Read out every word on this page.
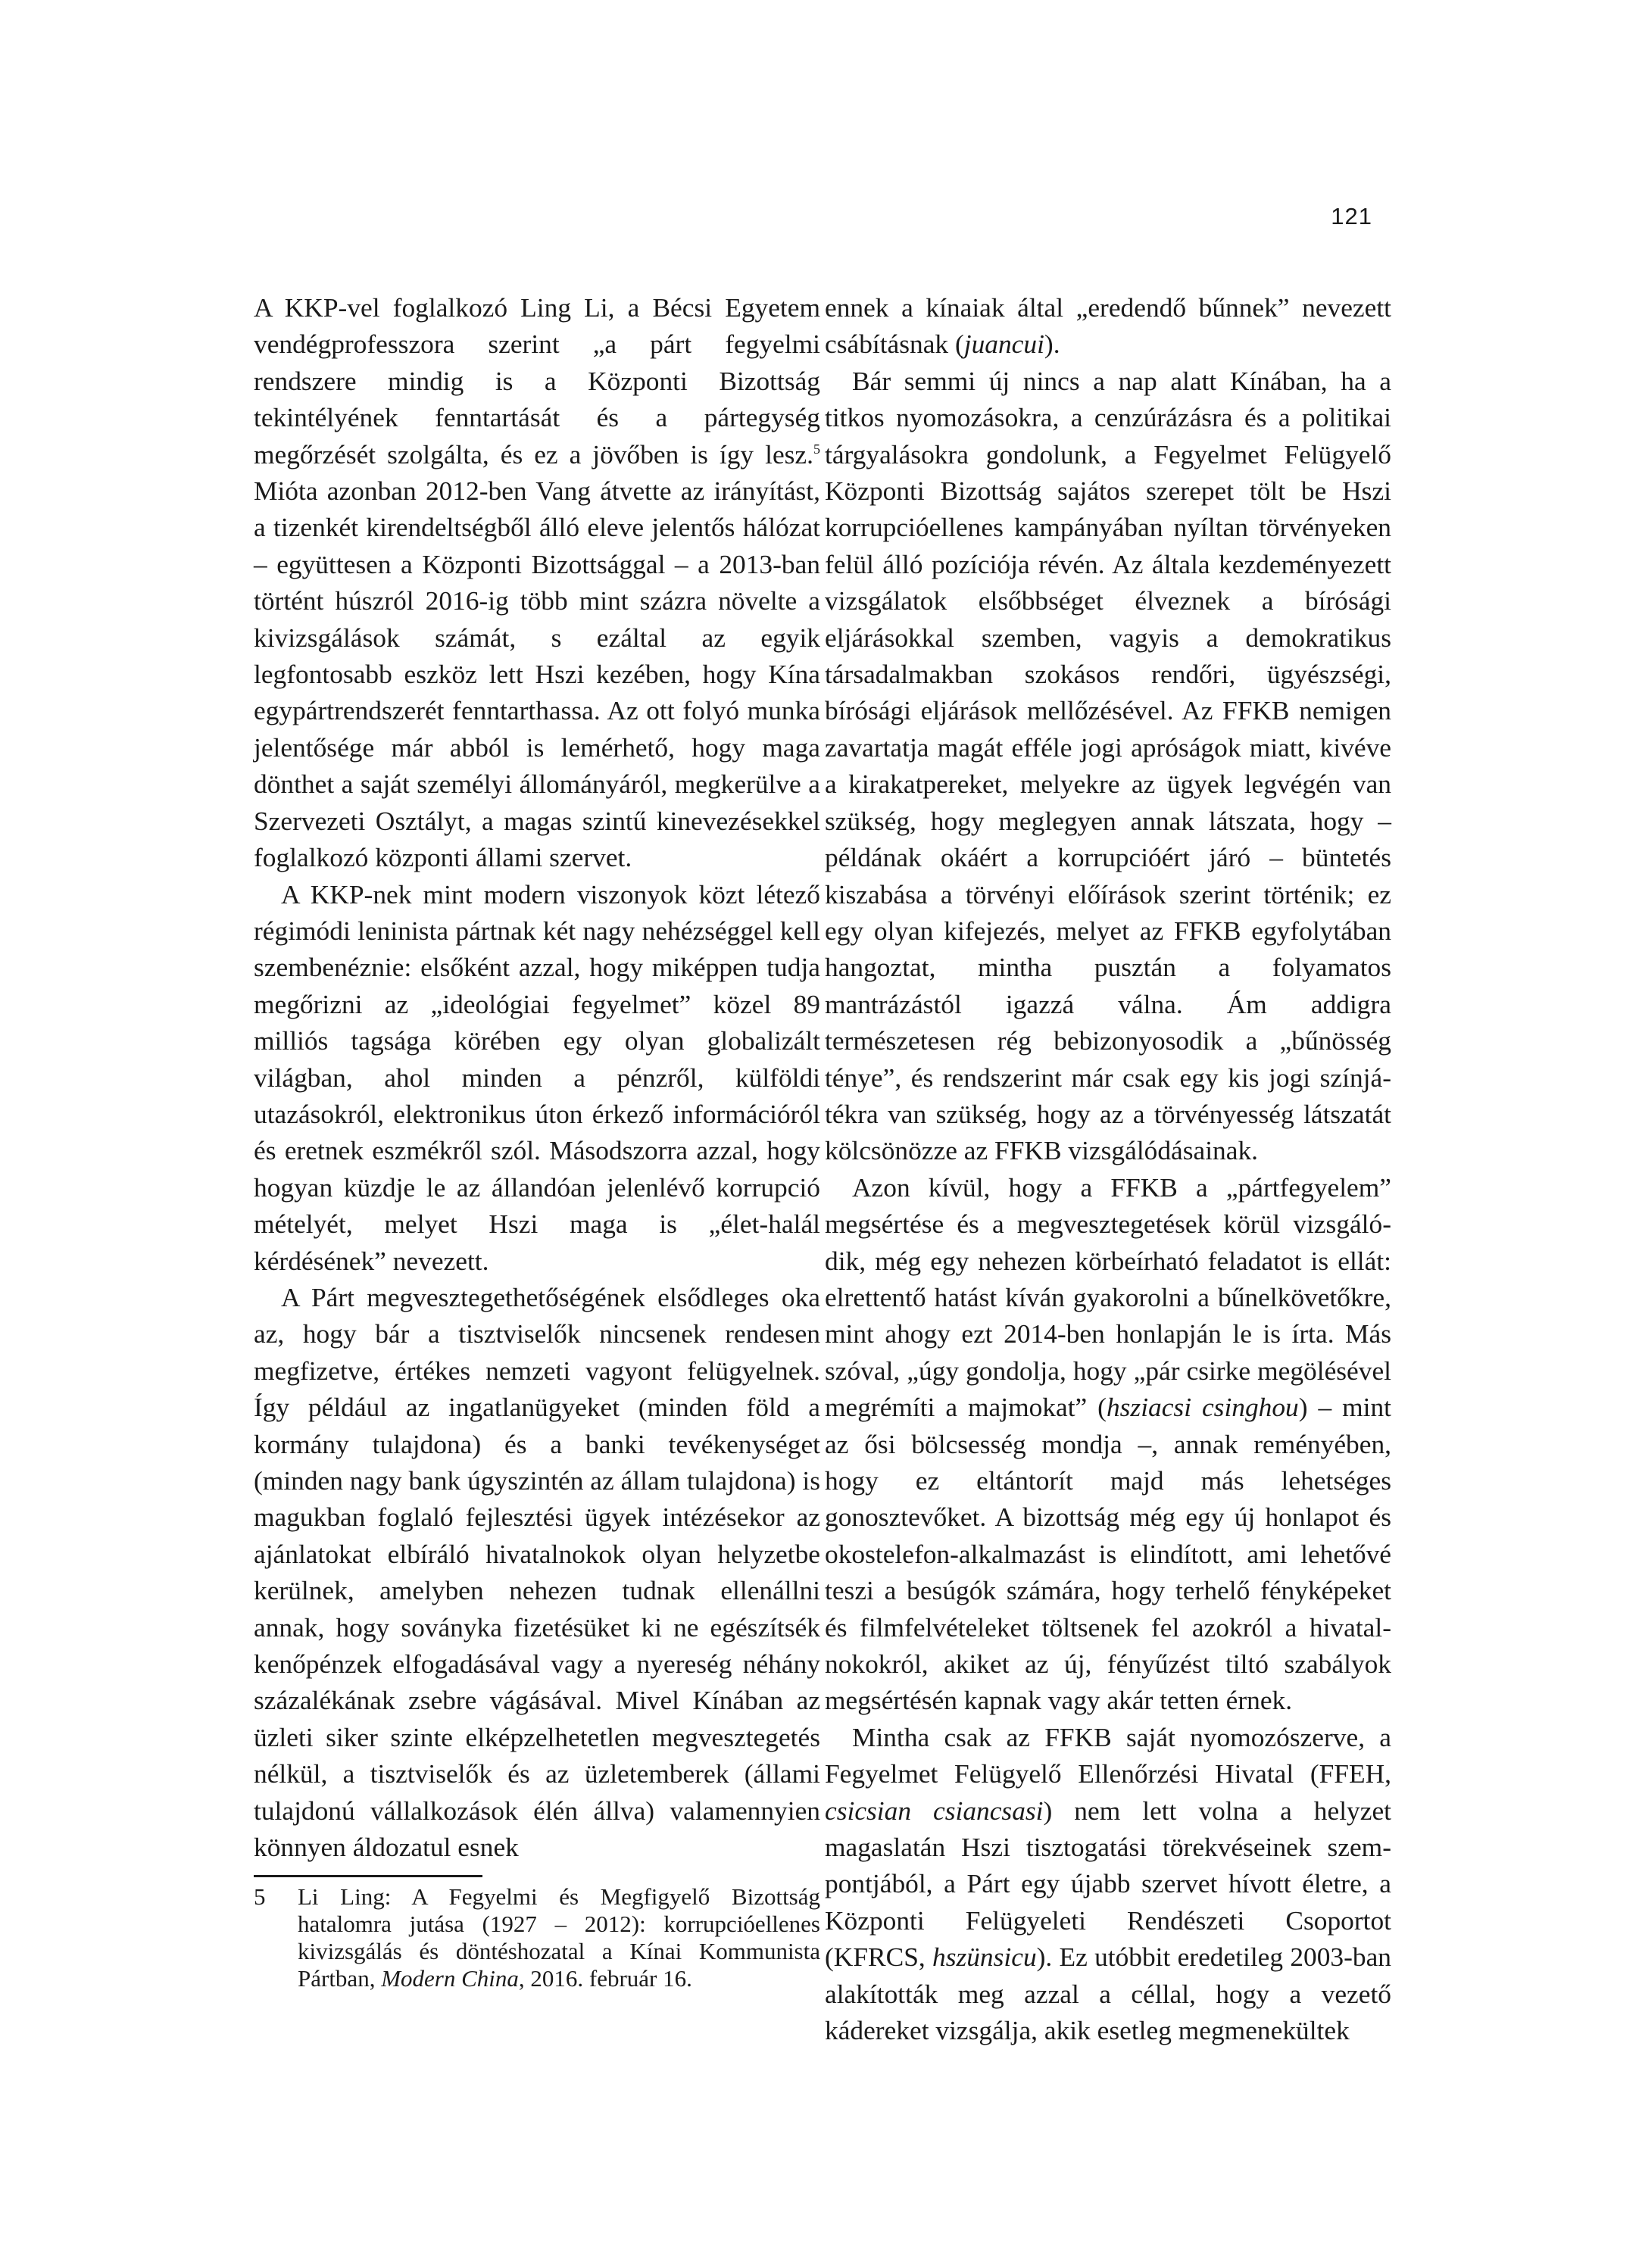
121

A KKP-vel foglalkozó Ling Li, a Bécsi Egyetem vendégprofesszora szerint „a párt fegyelmi rendszere mindig is a Központi Bizottság tekintélyének fenntartását és a pártegység megőrzését szolgálta, és ez a jövőben is így lesz.$^5$ Mióta azonban 2012-ben Vang átvette az irányítást, a tizenkét kirendeltségből álló eleve jelentős hálózat – együttesen a Központi Bizottsággal – a 2013-ban történt húszról 2016-ig több mint százra növelte a kivizsgálások számát, s ezáltal az egyik legfontosabb eszköz lett Hszi kezében, hogy Kína egypártrendszerét fenntarthassa. Az ott folyó munka jelentősége már abból is lemérhető, hogy maga dönthet a saját személyi állományáról, megkerülve a Szervezeti Osztályt, a magas szintű kinevezésekkel foglalkozó központi állami szervet.

A KKP-nek mint modern viszonyok közt létező régimódi leninista pártnak két nagy nehézséggel kell szembenéznie: elsőként azzal, hogy miképpen tudja megőrizni az „ideológiai fegyelmet” közel 89 milliós tagsága körében egy olyan globalizált világban, ahol minden a pénzről, külföldi utazásokról, elektronikus úton érkező információról és eretnek eszmékről szól. Másodszorra azzal, hogy hogyan küzdje le az állandóan jelenlévő korrupció mételyét, melyet Hszi maga is „élet-halál kérdésének” nevezett.

A Párt megvesztegethetőségének elsődleges oka az, hogy bár a tisztviselők nincsenek rendesen megfizetve, értékes nemzeti vagyont felügyelnek. Így például az ingatlanügyeket (minden föld a kormány tulajdona) és a banki tevékenységet (minden nagy bank úgyszintén az állam tulajdona) is magukban foglaló fejlesztési ügyek intézésekor az ajánlatokat elbíráló hivatalnokok olyan helyzetbe kerülnek, amelyben nehezen tudnak ellenállni annak, hogy soványka fizetésüket ki ne egészítsék kenőpénzek elfogadásával vagy a nyereség néhány százalékának zsebre vágásával. Mivel Kínában az üzleti siker szinte elképzelhetetlen megvesztegetés nélkül, a tisztviselők és az üzletemberek (állami tulajdonú vállalkozások élén állva) valamennyien könnyen áldozatul esnek

ennek a kínaiak által „eredendő bűnnek” nevezett csábításnak (juancui).

Bár semmi új nincs a nap alatt Kínában, ha a titkos nyomozásokra, a cenzúrázásra és a politikai tárgyalásokra gondolunk, a Fegyelmet Felügyelő Központi Bizottság sajátos szerepet tölt be Hszi korrupcióellenes kampányában nyíltan törvényeken felül álló pozíciója révén. Az általa kezdeményezett vizsgálatok elsőbbséget élveznek a bírósági eljárásokkal szemben, vagyis a demokratikus társadalmakban szokásos rendőri, ügyészségi, bírósági eljárások mellőzésével. Az FFKB nemigen zavartatja magát efféle jogi apróságok miatt, kivéve a kirakatpereket, melyekre az ügyek legvégén van szükség, hogy meglegyen annak látszata, hogy – példának okáért a korrupcióért járó – büntetés kiszabása a törvényi előírások szerint történik; ez egy olyan kifejezés, melyet az FFKB egyfolytában hangoztat, mintha pusztán a folyamatos mantrázástól igazzá válna. Ám addigra természetesen rég bebizonyosodik a „bűnösség ténye”, és rendszerint már csak egy kis jogi színjátékra van szükség, hogy az a törvényesség látszatát kölcsönözze az FFKB vizsgálódásainak.

Azon kívül, hogy a FFKB a „pártfegyelem” megsértése és a megvesztegetések körül vizsgálódik, még egy nehezen körbeírható feladatot is ellát: elrettentő hatást kíván gyakorolni a bűnelkövetőkre, mint ahogy ezt 2014-ben honlapján le is írta. Más szóval, „úgy gondolja, hogy „pár csirke megölésével megrémíti a majmokat” (hsziacsi csinghou) – mint az ősi bölcsesség mondja –, annak reményében, hogy ez eltántorít majd más lehetséges gonosztevőket. A bizottság még egy új honlapot és okostelefon-alkalmazást is elindított, ami lehetővé teszi a besúgók számára, hogy terhelő fényképeket és filmfelvételeket töltsenek fel azokról a hivatalnokokról, akiket az új, fényűzést tiltó szabályok megsértésén kapnak vagy akár tetten érnek.

Mintha csak az FFKB saját nyomozószerve, a Fegyelmet Felügyelő Ellenőrzési Hivatal (FFEH, csicsian csiancsasi) nem lett volna a helyzet magaslatán Hszi tisztogatási törekvéseinek szempontjából, a Párt egy újabb szervet hívott életre, a Központi Felügyeleti Rendészeti Csoportot (KFRCS, hszünsicu). Ez utóbbit eredetileg 2003-ban alakították meg azzal a céllal, hogy a vezető kádereket vizsgálja, akik esetleg megmenekültek

5	Li Ling: A Fegyelmi és Megfigyelő Bizottság hatalomra jutása (1927 – 2012): korrupcióellenes kivizsgálás és döntéshozatal a Kínai Kommunista Pártban, Modern China, 2016. február 16.
